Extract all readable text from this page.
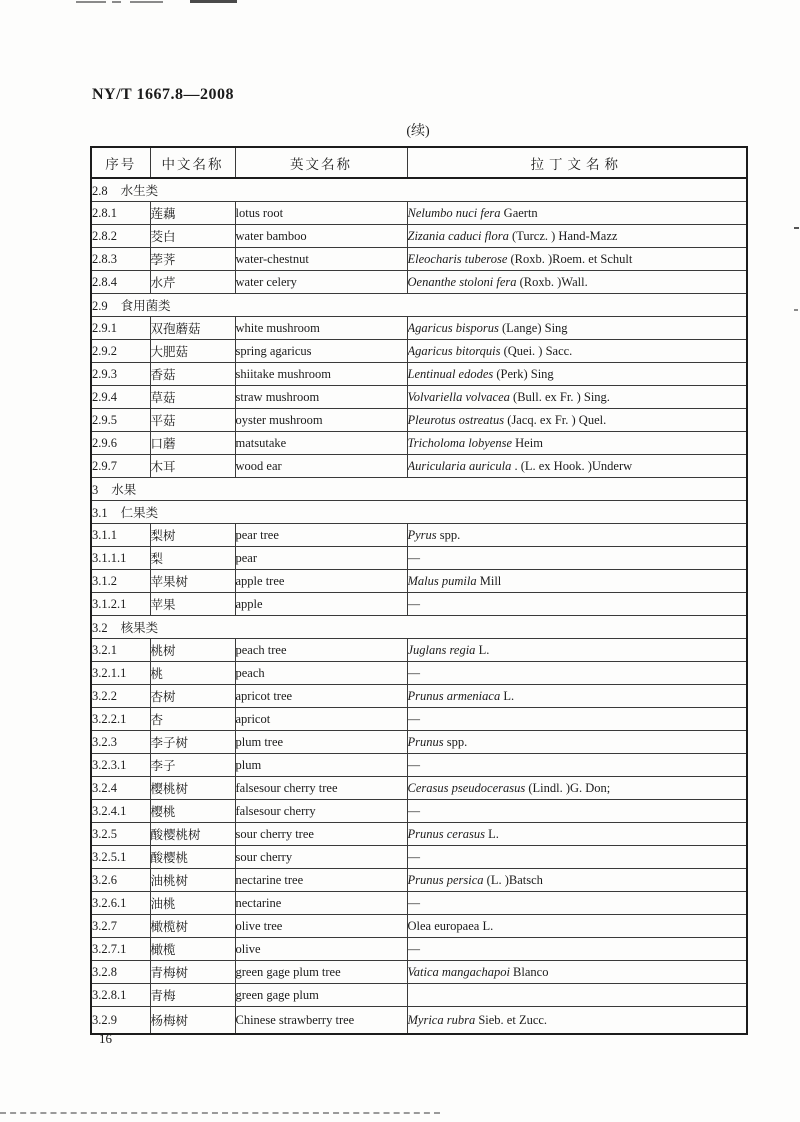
NY/T 1667.8—2008
(续)
序号	中文名称	英文名称	拉丁文名称
2.8 水生类			
2.8.1	莲藕	lotus root	Nelumbo nuci fera Gaertn
2.8.2	茭白	water bamboo	Zizania caduci flora (Turcz. ) Hand-Mazz
2.8.3	荸荠	water-chestnut	Eleocharis tuberose (Roxb. )Roem. et Schult
2.8.4	水芹	water celery	Oenanthe stoloni fera (Roxb. )Wall.
2.9 食用菌类			
2.9.1	双孢蘑菇	white mushroom	Agaricus bisporus (Lange) Sing
2.9.2	大肥菇	spring agaricus	Agaricus bitorquis (Quei. ) Sacc.
2.9.3	香菇	shiitake mushroom	Lentinual edodes (Perk) Sing
2.9.4	草菇	straw mushroom	Volvariella volvacea (Bull. ex Fr. ) Sing.
2.9.5	平菇	oyster mushroom	Pleurotus ostreatus (Jacq. ex Fr. ) Quel.
2.9.6	口蘑	matsutake	Tricholoma lobyense Heim
2.9.7	木耳	wood ear	Auricularia auricula . (L. ex Hook. )Underw
3 水果			
3.1 仁果类			
3.1.1	梨树	pear tree	Pyrus spp.
3.1.1.1	梨	pear	—
3.1.2	苹果树	apple tree	Malus pumila Mill
3.1.2.1	苹果	apple	—
3.2 核果类			
3.2.1	桃树	peach tree	Juglans regia L.
3.2.1.1	桃	peach	—
3.2.2	杏树	apricot tree	Prunus armeniaca L.
3.2.2.1	杏	apricot	—
3.2.3	李子树	plum tree	Prunus spp.
3.2.3.1	李子	plum	—
3.2.4	樱桃树	falsesour cherry tree	Cerasus pseudocerasus (Lindl. )G. Don;
3.2.4.1	樱桃	falsesour cherry	—
3.2.5	酸樱桃树	sour cherry tree	Prunus cerasus L.
3.2.5.1	酸樱桃	sour cherry	—
3.2.6	油桃树	nectarine tree	Prunus persica (L. )Batsch
3.2.6.1	油桃	nectarine	—
3.2.7	橄榄树	olive tree	Olea europaea L.
3.2.7.1	橄榄	olive	—
3.2.8	青梅树	green gage plum tree	Vatica mangachapoi Blanco
3.2.8.1	青梅	green gage plum	
3.2.9	杨梅树	Chinese strawberry tree	Myrica rubra Sieb. et Zucc.
16
